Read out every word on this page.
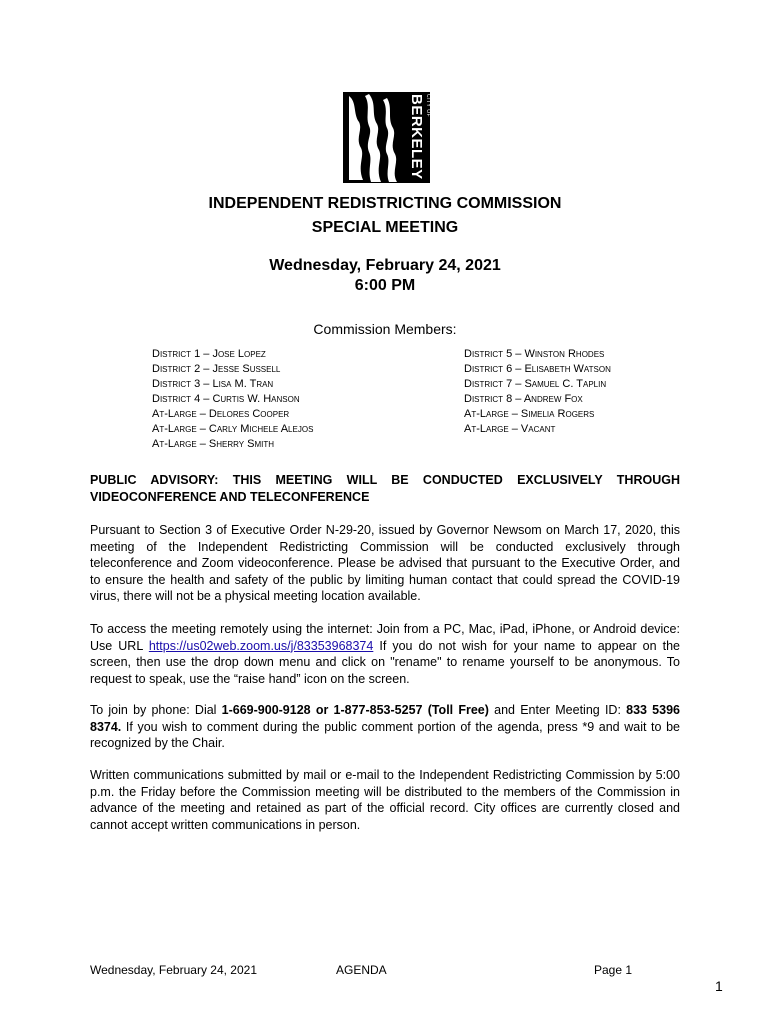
CITY OF
BERKELEY
INDEPENDENT REDISTRICTING COMMISSION
SPECIAL MEETING
Wednesday, February 24, 2021
6:00 PM
Commission Members:
District 1 – Jose Lopez
District 2 – Jesse Sussell
District 3 – Lisa M. Tran
District 4 – Curtis W. Hanson
At-Large – Delores Cooper
At-Large – Carly Michele Alejos
At-Large – Sherry Smith
District 5 – Winston Rhodes
District 6 – Elisabeth Watson
District 7 – Samuel C. Taplin
District 8 – Andrew Fox
At-Large – Simelia Rogers
At-Large – Vacant
PUBLIC ADVISORY: THIS MEETING WILL BE CONDUCTED EXCLUSIVELY THROUGH VIDEOCONFERENCE AND TELECONFERENCE
Pursuant to Section 3 of Executive Order N-29-20, issued by Governor Newsom on March 17, 2020, this meeting of the Independent Redistricting Commission will be conducted exclusively through teleconference and Zoom videoconference. Please be advised that pursuant to the Executive Order, and to ensure the health and safety of the public by limiting human contact that could spread the COVID-19 virus, there will not be a physical meeting location available.
To access the meeting remotely using the internet: Join from a PC, Mac, iPad, iPhone, or Android device: Use URL https://us02web.zoom.us/j/83353968374 If you do not wish for your name to appear on the screen, then use the drop down menu and click on "rename" to rename yourself to be anonymous. To request to speak, use the “raise hand” icon on the screen.
To join by phone: Dial 1-669-900-9128 or 1-877-853-5257 (Toll Free) and Enter Meeting ID: 833 5396 8374. If you wish to comment during the public comment portion of the agenda, press *9 and wait to be recognized by the Chair.
Written communications submitted by mail or e-mail to the Independent Redistricting Commission by 5:00 p.m. the Friday before the Commission meeting will be distributed to the members of the Commission in advance of the meeting and retained as part of the official record. City offices are currently closed and cannot accept written communications in person.
Wednesday, February 24, 2021	AGENDA	Page 1
1
